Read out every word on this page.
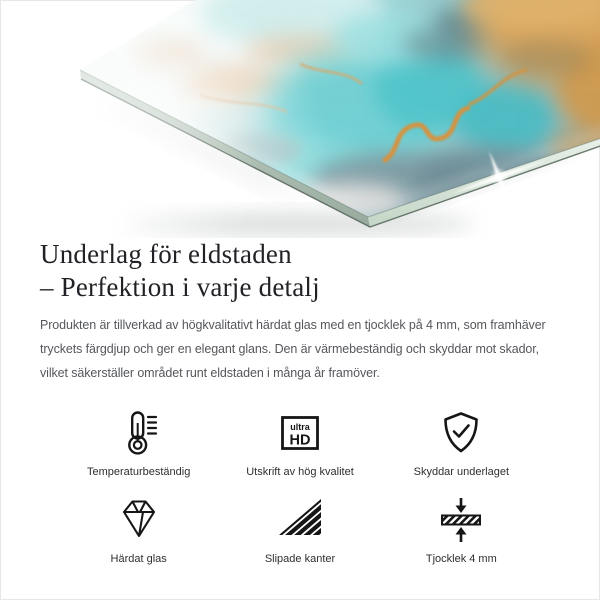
Underlag för eldstaden
– Perfektion i varje detalj
Produkten är tillverkad av högkvalitativt härdat glas med en tjocklek på 4 mm, som framhäver
tryckets färgdjup och ger en elegant glans. Den är värmebeständig och skyddar mot skador,
vilket säkerställer området runt eldstaden i många år framöver.
Temperaturbeständig
ultra
HD
Utskrift av hög kvalitet	Skyddar underlaget
Härdat glas	Slipade kanter	Tjocklek 4 mm
